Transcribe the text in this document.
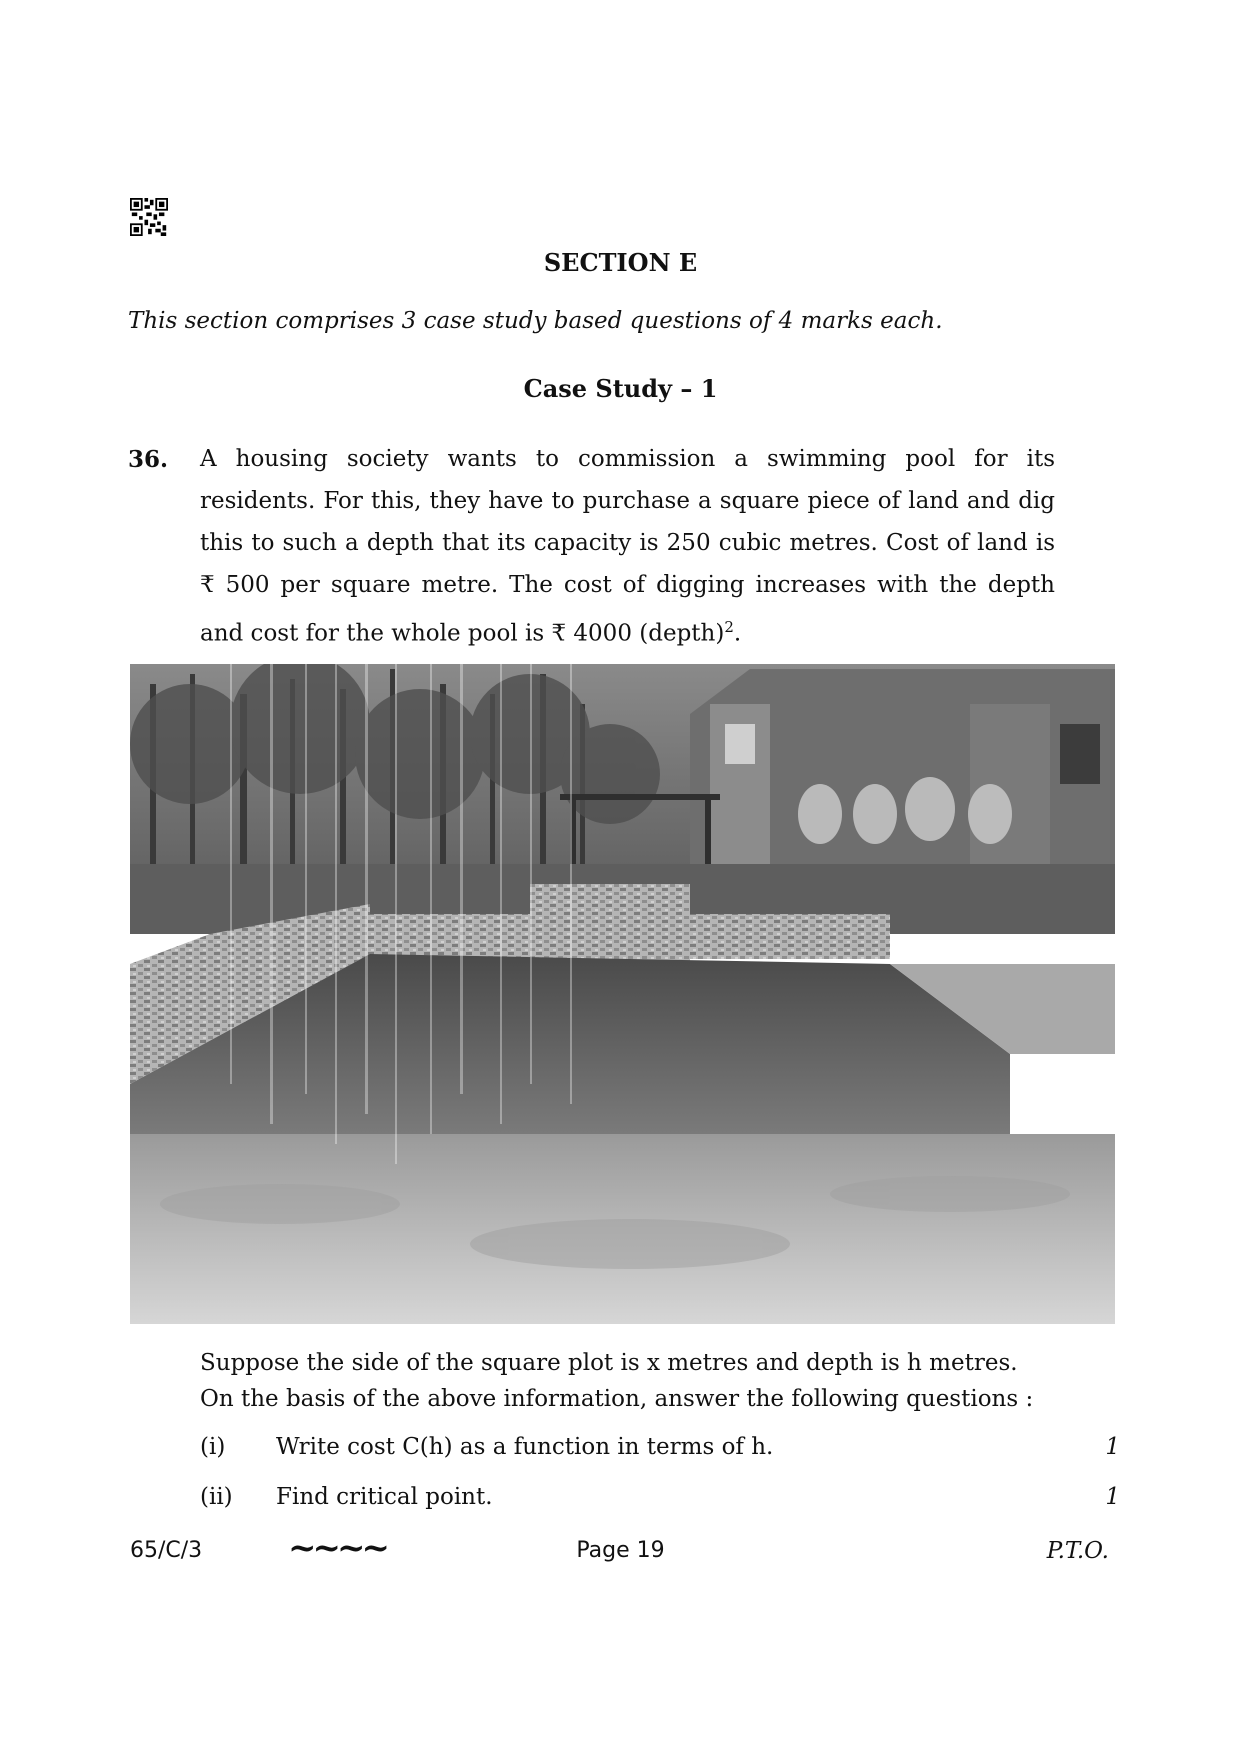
SECTION E
This section comprises 3 case study based questions of 4 marks each.
Case Study – 1
36. A housing society wants to commission a swimming pool for its residents. For this, they have to purchase a square piece of land and dig this to such a depth that its capacity is 250 cubic metres. Cost of land is ₹ 500 per square metre. The cost of digging increases with the depth and cost for the whole pool is ₹ 4000 (depth)$^2$.
Suppose the side of the square plot is x metres and depth is h metres.
On the basis of the above information, answer the following questions :
(i) Write cost C(h) as a function in terms of h.	1
(ii) Find critical point.	1
65/C/3	~~~~	Page 19	P.T.O.
